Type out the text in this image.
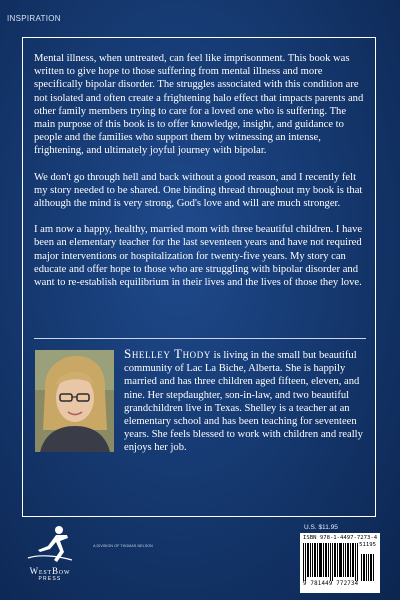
INSPIRATION

Mental illness, when untreated, can feel like imprisonment. This book was written to give hope to those suffering from mental illness and more specifically bipolar disorder. The struggles associated with this condition are not isolated and often create a frightening halo effect that impacts parents and other family members trying to care for a loved one who is suffering. The main purpose of this book is to offer knowledge, insight, and guidance to people and the families who support them by witnessing an intense, frightening, and ultimately joyful journey with bipolar.

We don't go through hell and back without a good reason, and I recently felt my story needed to be shared. One binding thread throughout my book is that although the mind is very strong, God's love and will are much stronger.

I am now a happy, healthy, married mom with three beautiful children. I have been an elementary teacher for the last seventeen years and have not required major interventions or hospitalization for twenty-five years. My story can educate and offer hope to those who are struggling with bipolar disorder and want to re-establish equilibrium in their lives and the lives of those they love.

Shelley Thody is living in the small but beautiful community of Lac La Biche, Alberta. She is happily married and has three children aged fifteen, eleven, and nine. Her stepdaughter, son-in-law, and two beautiful grandchildren live in Texas. Shelley is a teacher at an elementary school and has been teaching for seventeen years. She feels blessed to work with children and really enjoys her job.
WestBow
PRESS
A DIVISION OF THOMAS NELSON
U.S. $11.95
ISBN 978-1-4497-7273-4
51195
9 781449 772734
